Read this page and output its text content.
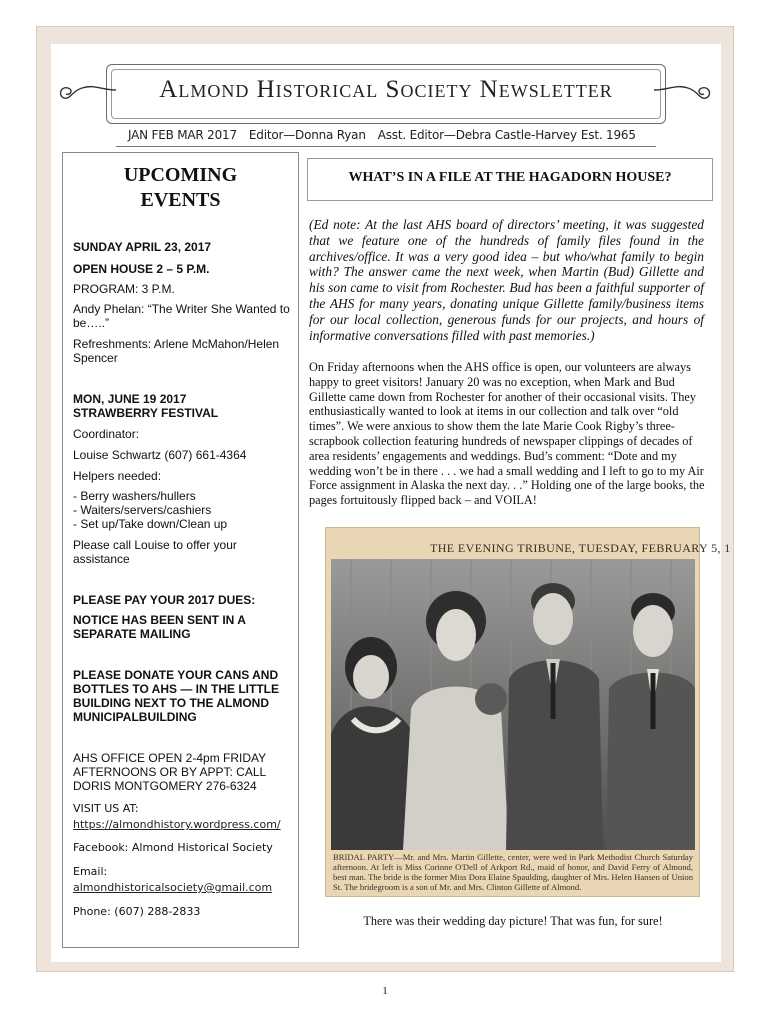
Almond Historical Society Newsletter
JAN FEB MAR 2017 Editor—Donna Ryan Asst. Editor—Debra Castle-Harvey Est. 1965
UPCOMING
EVENTS
SUNDAY APRIL 23, 2017
OPEN HOUSE 2 – 5 P.M.
PROGRAM: 3 P.M.
Andy Phelan: “The Writer She Wanted to be…..”
Refreshments: Arlene McMahon/Helen Spencer
MON, JUNE 19 2017
STRAWBERRY FESTIVAL
Coordinator:
Louise Schwartz (607) 661-4364
Helpers needed:
- Berry washers/hullers
- Waiters/servers/cashiers
- Set up/Take down/Clean up
Please call Louise to offer your assistance
PLEASE PAY YOUR 2017 DUES:
NOTICE HAS BEEN SENT IN A SEPARATE MAILING
PLEASE DONATE YOUR CANS AND BOTTLES TO AHS — IN THE LITTLE BUILDING NEXT TO THE ALMOND MUNICIPALBUILDING
AHS OFFICE OPEN 2-4pm FRIDAY AFTERNOONS OR BY APPT: CALL DORIS MONTGOMERY 276-6324
VISIT US AT:
https://almondhistory.wordpress.com/
Facebook: Almond Historical Society
Email:
almondhistoricalsociety@gmail.com
Phone: (607) 288-2833
WHAT’S IN A FILE AT THE HAGADORN HOUSE?
(Ed note: At the last AHS board of directors’ meeting, it was suggested that we feature one of the hundreds of family files found in the archives/office. It was a very good idea – but who/what family to begin with? The answer came the next week, when Martin (Bud) Gillette and his son came to visit from Rochester. Bud has been a faithful supporter of the AHS for many years, donating unique Gillette family/business items for our local collection, generous funds for our projects, and hours of informative conversations filled with past memories.)
On Friday afternoons when the AHS office is open, our volunteers are always happy to greet visitors! January 20 was no exception, when Mark and Bud Gillette came down from Rochester for another of their occasional visits. They enthusiastically wanted to look at items in our collection and talk over “old times”. We were anxious to show them the late Marie Cook Rigby’s three-scrapbook collection featuring hundreds of newspaper clippings of decades of area residents’ engagements and weddings. Bud’s comment: “Dote and my wedding won’t be in there . . . we had a small wedding and I left to go to my Air Force assignment in Alaska the next day. . .” Holding one of the large books, the pages fortuitously flipped back – and VOILA!
THE EVENING TRIBUNE, TUESDAY, FEBRUARY 5, 1
BRIDAL PARTY—Mr. and Mrs. Martin Gillette, center, were wed in Park Methodist Church Saturday afternoon. At left is Miss Corinne O'Dell of Arkport Rd., maid of honor, and David Ferry of Almond, best man. The bride is the former Miss Dora Elaine Spaulding, daughter of Mrs. Helen Hansen of Union St. The bridegroom is a son of Mr. and Mrs. Clinton Gillette of Almond.
There was their wedding day picture! That was fun, for sure!
1
